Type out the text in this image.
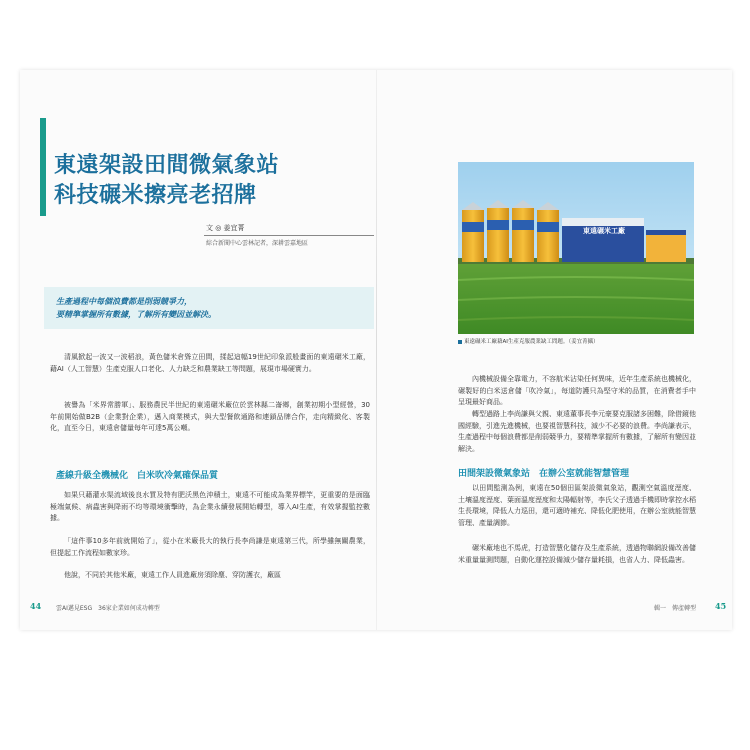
東遠架設田間微氣象站
科技碾米擦亮老招牌
文 ◎ 姜宜菁
綜合新聞中心雲林記者，深耕雲嘉地區
生產過程中每個浪費都是削弱競爭力，
要精準掌握所有數據，了解所有變因並解決。
清風掀起一波又一波稻浪，黃色儲米倉聳立田間，揉起這幅19世紀印象派般畫面的東遠碾米工廠，藉AI（人工智慧）生產克服人口老化、人力缺乏和農業缺工等問題，展現市場硬實力。
被譽為「米界常勝軍」、服務農民半世紀的東遠碾米廠位於雲林縣二崙鄉，創業初期小型經營，30年前開始做B2B（企業對企業），邁入商業模式，與大型餐飲通路和連鎖品牌合作，走向精緻化、客製化，直至今日，東遠倉儲量每年可達5萬公噸。
產線升級全機械化　白米吹冷氣確保品質
如果只藉灌水渠流域後良水質及特有肥沃黑色沖積土，東遠不可能成為業界標竿，更重要的是面臨極端氣候、病蟲害與降雨不均等環境衝擊時，為企業永續發展開始轉型，導入AI生產，有效掌握監控數據。
「這件事10多年前就開始了」，從小在米廠長大的執行長李尚謙是東遠第三代，所學雖無關農業，但提起工作流程如數家珍。
他說，不同於其他米廠，東遠工作人員進廠房須除塵、穿防護衣，廠區
44 雲AI邁見ESG　36家企業如何成功轉型
東遠碾米工廠
東遠碾米工廠藉AI生產克服農業缺工問題。（姜宜菁攝）
內機械設備全靠電力，不容航米沾染任何異味，近年生產系統也機械化，碾製好的白米送倉儲「吹冷氣」，每道防護只為堅守米的品質，在消費者手中呈現最好商品。
轉型過路上李尚謙與父親、東遠董事長李元豪要克服諸多困難，除借鏡他國經驗，引進先進機械，也要視智慧科技，減少不必要的浪費。李尚謙表示，生產過程中每個浪費都是削弱競爭力，要精準掌握所有數據，了解所有變因並解決。
田間架設微氣象站　在辦公室就能智慧管理
以田間監測為例，東遠在50個田區架設微氣象站，觀測空氣溫度溼度、土壤溫度溼度、葉面溫度溼度和太陽輻射等，李氏父子透過手機即時掌控水稻生長環境，降低人力巡田，還可適時補充、降低化肥使用，在辦公室就能智慧管理、產量調節。
碾米廠地也不馬虎，打造智慧化儲存及生產系統，透過物聯網設備改善儲米重量量測問題，自動化運控設備減少儲存量耗損，也省人力、降低蟲害。
輯一　傳產轉型 45
